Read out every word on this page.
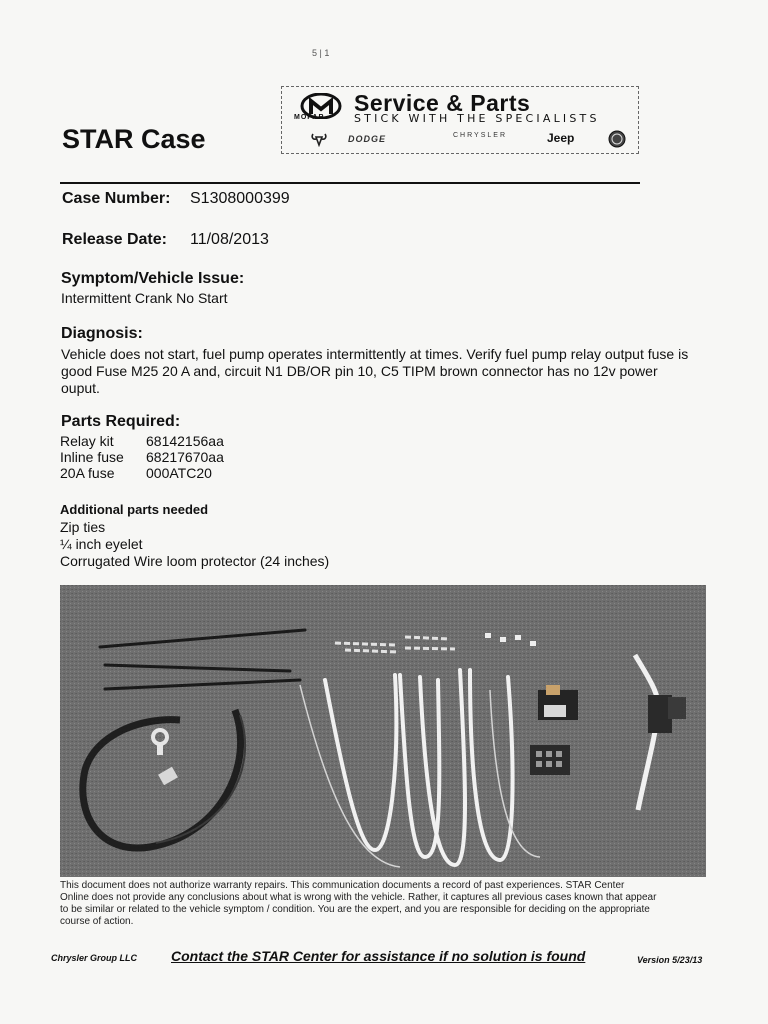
5 | 1
Service & Parts
MOPAR	STICK WITH THE SPECIALISTS
DODGE	CHRYSLER	Jeep
STAR Case
Case Number: S1308000399
Release Date: 11/08/2013
Symptom/Vehicle Issue:
Intermittent Crank No Start
Diagnosis:
Vehicle does not start, fuel pump operates intermittently at times. Verify fuel pump relay output fuse is
good Fuse M25 20 A and, circuit N1 DB/OR pin 10, C5 TIPM brown connector has no 12v power
ouput.
Parts Required:
Relay kit	68142156aa
Inline fuse	68217670aa
20A fuse	000ATC20
Additional parts needed
Zip ties
¼ inch eyelet
Corrugated Wire loom protector (24 inches)
This document does not authorize warranty repairs. This communication documents a record of past experiences. STAR Center
Online does not provide any conclusions about what is wrong with the vehicle. Rather, it captures all previous cases known that appear
to be similar or related to the vehicle symptom / condition. You are the expert, and you are responsible for deciding on the appropriate
course of action.
Chrysler Group LLC Contact the STAR Center for assistance if no solution is found	Version 5/23/13
